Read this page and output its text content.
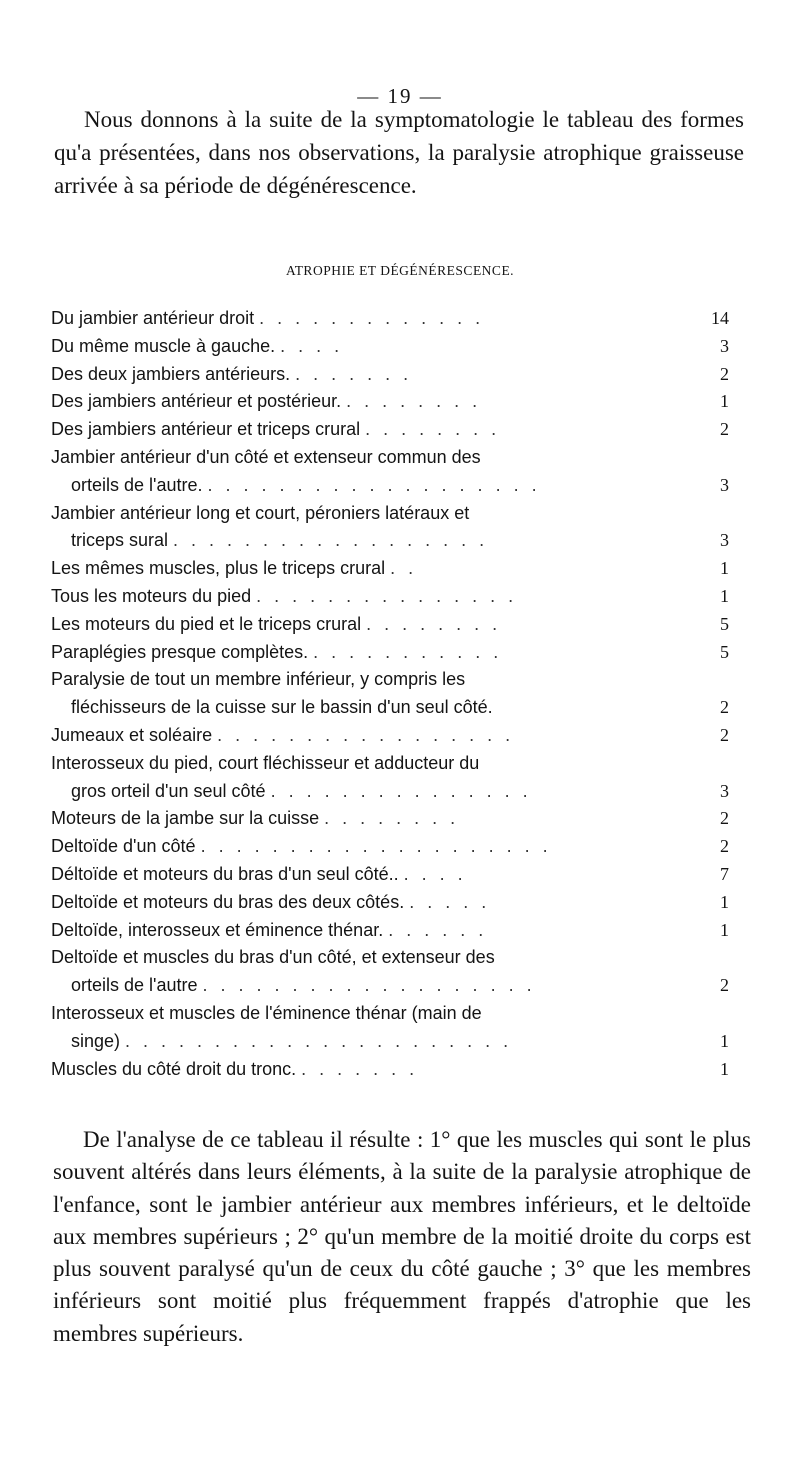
— 19 —

Nous donnons à la suite de la symptomatologie le tableau des formes qu'a présentées, dans nos observations, la paralysie atrophique graisseuse arrivée à sa période de dégénérescence.

ATROPHIE ET DÉGÉNÉRESCENCE.
Du jambier antérieur droit . . . . . . . . . . . . .	14
Du même muscle à gauche. . . . .	3
Des deux jambiers antérieurs. . . . . . . .	2
Des jambiers antérieur et postérieur. . . . . . . . .	1
Des jambiers antérieur et triceps crural . . . . . . . .	2
Jambier antérieur d'un côté et extenseur commun des
orteils de l'autre. . . . . . . . . . . . . . . . . . . .	3
Jambier antérieur long et court, péroniers latéraux et
triceps sural . . . . . . . . . . . . . . . . . .	3
Les mêmes muscles, plus le triceps crural . .	1
Tous les moteurs du pied . . . . . . . . . . . . . . .	1
Les moteurs du pied et le triceps crural . . . . . . . .	5
Paraplégies presque complètes. . . . . . . . . . . .	5
Paralysie de tout un membre inférieur, y compris les
fléchisseurs de la cuisse sur le bassin d'un seul côté.	2
Jumeaux et soléaire . . . . . . . . . . . . . . . . .	2
Interosseux du pied, court fléchisseur et adducteur du
gros orteil d'un seul côté . . . . . . . . . . . . . . .	3
Moteurs de la jambe sur la cuisse . . . . . . . .	2
Deltoïde d'un côté . . . . . . . . . . . . . . . . . . . .	2
Déltoïde et moteurs du bras d'un seul côté.. . . . .	7
Deltoïde et moteurs du bras des deux côtés. . . . . .	1
Deltoïde, interosseux et éminence thénar. . . . . . .	1
Deltoïde et muscles du bras d'un côté, et extenseur des
orteils de l'autre . . . . . . . . . . . . . . . . . . .	2
Interosseux et muscles de l'éminence thénar (main de
singe) . . . . . . . . . . . . . . . . . . . . . .	1
Muscles du côté droit du tronc. . . . . . . .	1

De l'analyse de ce tableau il résulte : 1° que les muscles qui sont le plus souvent altérés dans leurs éléments, à la suite de la paralysie atrophique de l'enfance, sont le jambier antérieur aux membres inférieurs, et le deltoïde aux membres supérieurs ; 2° qu'un membre de la moitié droite du corps est plus souvent paralysé qu'un de ceux du côté gauche ; 3° que les membres inférieurs sont moitié plus fréquemment frappés d'atrophie que les membres supérieurs.
